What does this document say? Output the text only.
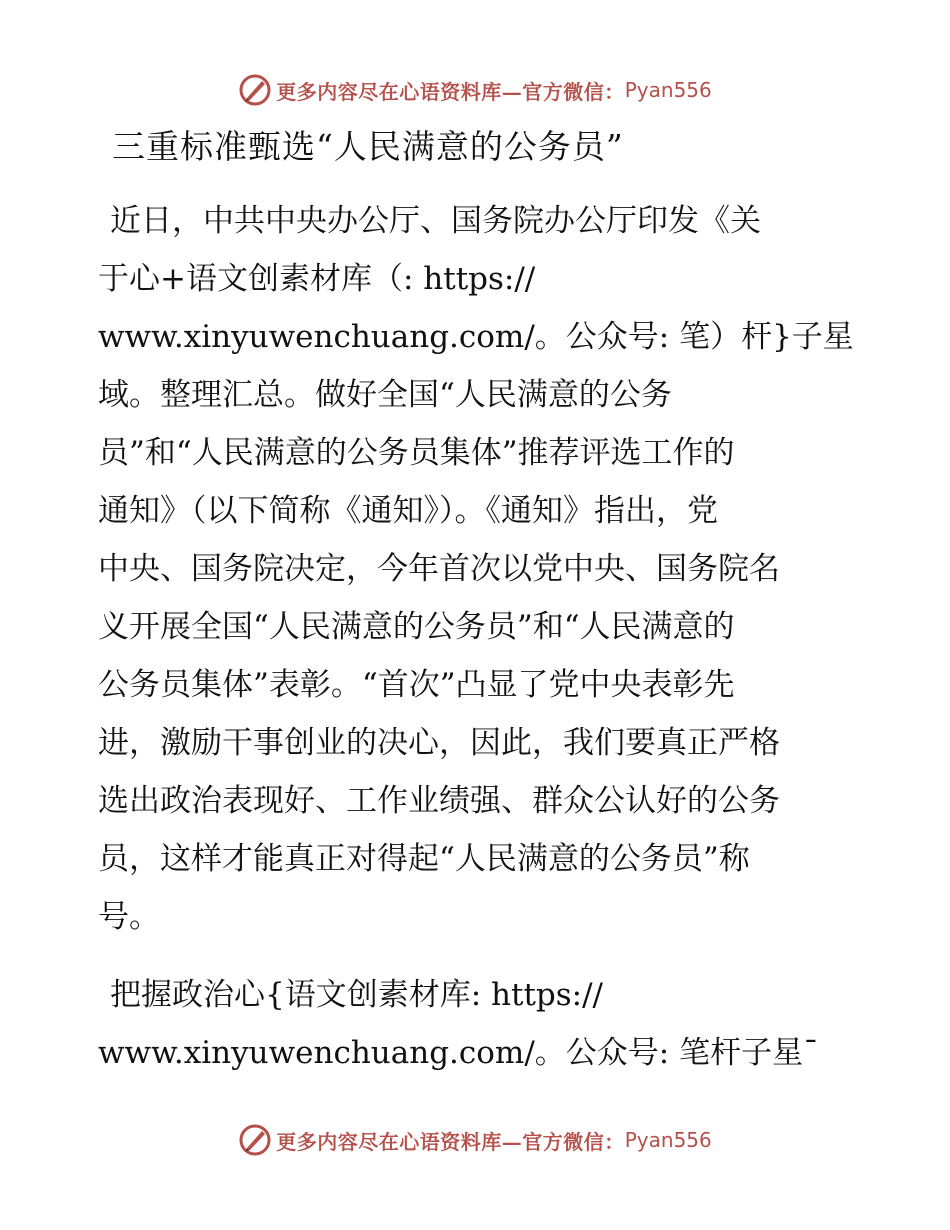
更多内容尽在心语资料库—官方微信： Pyan556
三重标准甄选“人民满意的公务员”
近日，中共中央办公厅、国务院办公厅印发《关
于心+语文创素材库（: https://
www.xinyuwenchuang.com/。公众号: 笔）杆}子星
域。整理汇总。做好全国“人民满意的公务
员”和“人民满意的公务员集体”推荐评选工作的
通知》（以下简称《通知》）。《通知》指出，党
中央、国务院决定，今年首次以党中央、国务院名
义开展全国“人民满意的公务员”和“人民满意的
公务员集体”表彰。“首次”凸显了党中央表彰先
进，激励干事创业的决心，因此，我们要真正严格
选出政治表现好、工作业绩强、群众公认好的公务
员，这样才能真正对得起“人民满意的公务员”称
号。
把握政治心{语文创素材库: https://
www.xinyuwenchuang.com/。公众号: 笔杆子星¯
更多内容尽在心语资料库—官方微信： Pyan556
